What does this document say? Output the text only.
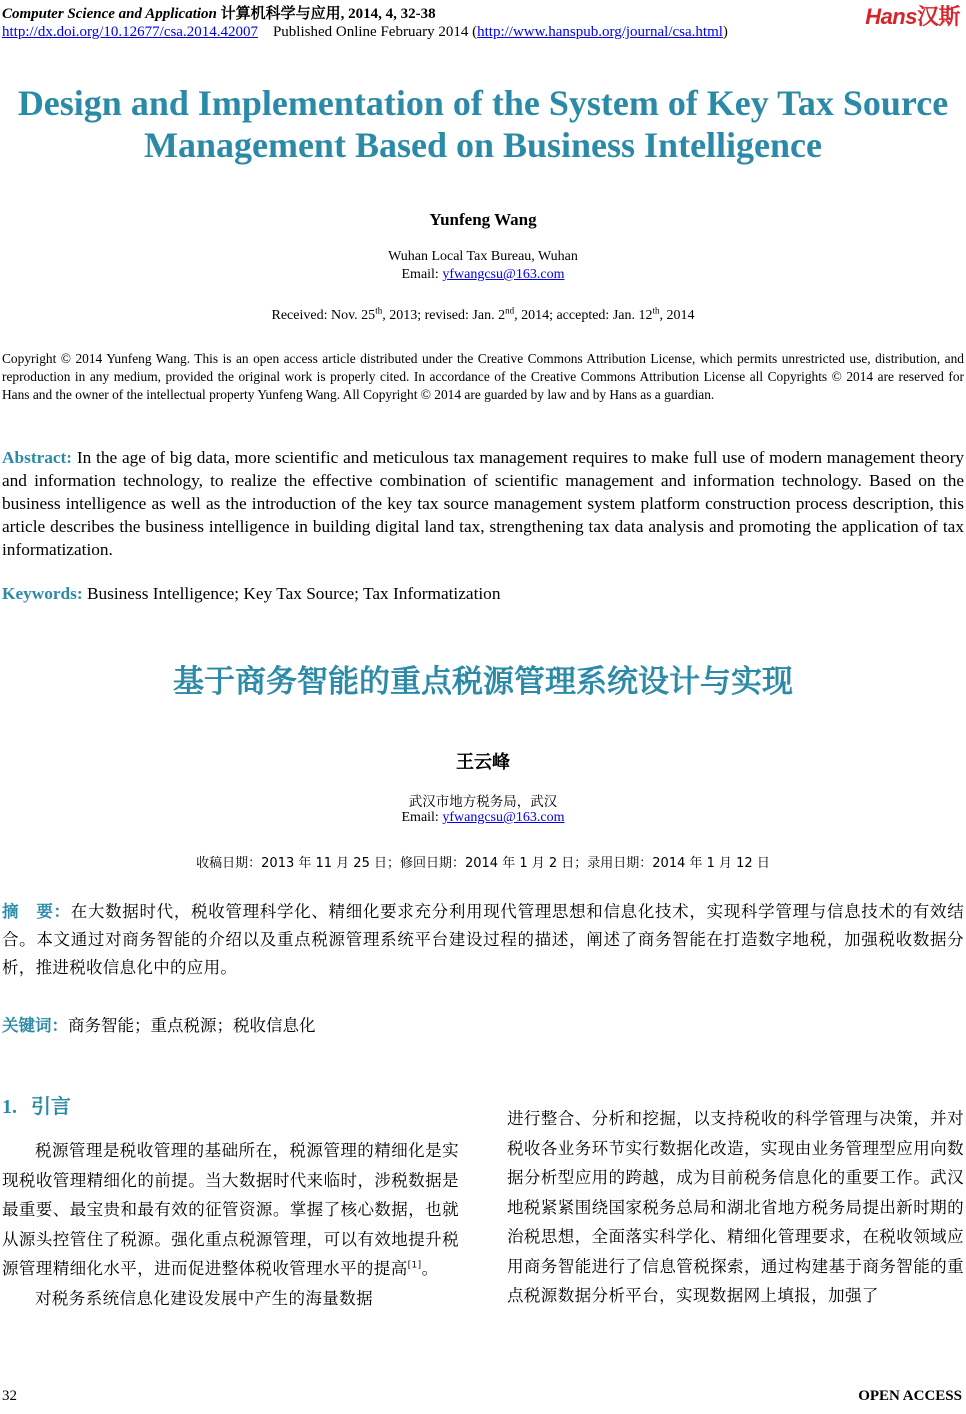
Computer Science and Application 计算机科学与应用, 2014, 4, 32-38	Hans汉斯
http://dx.doi.org/10.12677/csa.2014.42007 Published Online February 2014 (http://www.hanspub.org/journal/csa.html)
Design and Implementation of the System of Key Tax Source
Management Based on Business Intelligence
Yunfeng Wang
Wuhan Local Tax Bureau, Wuhan
Email: yfwangcsu@163.com
Received: Nov. 25th, 2013; revised: Jan. 2nd, 2014; accepted: Jan. 12th, 2014
Copyright © 2014 Yunfeng Wang. This is an open access article distributed under the Creative Commons Attribution License, which permits unrestricted use, distribution, and reproduction in any medium, provided the original work is properly cited. In accordance of the Creative Commons Attribution License all Copyrights © 2014 are reserved for Hans and the owner of the intellectual property Yunfeng Wang. All Copyright © 2014 are guarded by law and by Hans as a guardian.
Abstract: In the age of big data, more scientific and meticulous tax management requires to make full use of modern management theory and information technology, to realize the effective combination of scientific management and information technology. Based on the business intelligence as well as the introduction of the key tax source management system platform construction process description, this article describes the business intelligence in building digital land tax, strengthening tax data analysis and promoting the application of tax informatization.
Keywords: Business Intelligence; Key Tax Source; Tax Informatization
基于商务智能的重点税源管理系统设计与实现
王云峰
武汉市地方税务局，武汉
Email: yfwangcsu@163.com
收稿日期：2013 年 11 月 25 日；修回日期：2014 年 1 月 2 日；录用日期：2014 年 1 月 12 日
摘　要：在大数据时代，税收管理科学化、精细化要求充分利用现代管理思想和信息化技术，实现科学管理与信息技术的有效结合。本文通过对商务智能的介绍以及重点税源管理系统平台建设过程的描述，阐述了商务智能在打造数字地税，加强税收数据分析，推进税收信息化中的应用。
关键词：商务智能；重点税源；税收信息化
1. 引言

税源管理是税收管理的基础所在，税源管理的精细化是实现税收管理精细化的前提。当大数据时代来临时，涉税数据是最重要、最宝贵和最有效的征管资源。掌握了核心数据，也就从源头控管住了税源。强化重点税源管理，可以有效地提升税源管理精细化水平，进而促进整体税收管理水平的提高[1]。

对税务系统信息化建设发展中产生的海量数据

进行整合、分析和挖掘，以支持税收的科学管理与决策，并对税收各业务环节实行数据化改造，实现由业务管理型应用向数据分析型应用的跨越，成为目前税务信息化的重要工作。武汉地税紧紧围绕国家税务总局和湖北省地方税务局提出新时期的治税思想，全面落实科学化、精细化管理要求，在税收领域应用商务智能进行了信息管税探索，通过构建基于商务智能的重点税源数据分析平台，实现数据网上填报，加强了

32	OPEN ACCESS
